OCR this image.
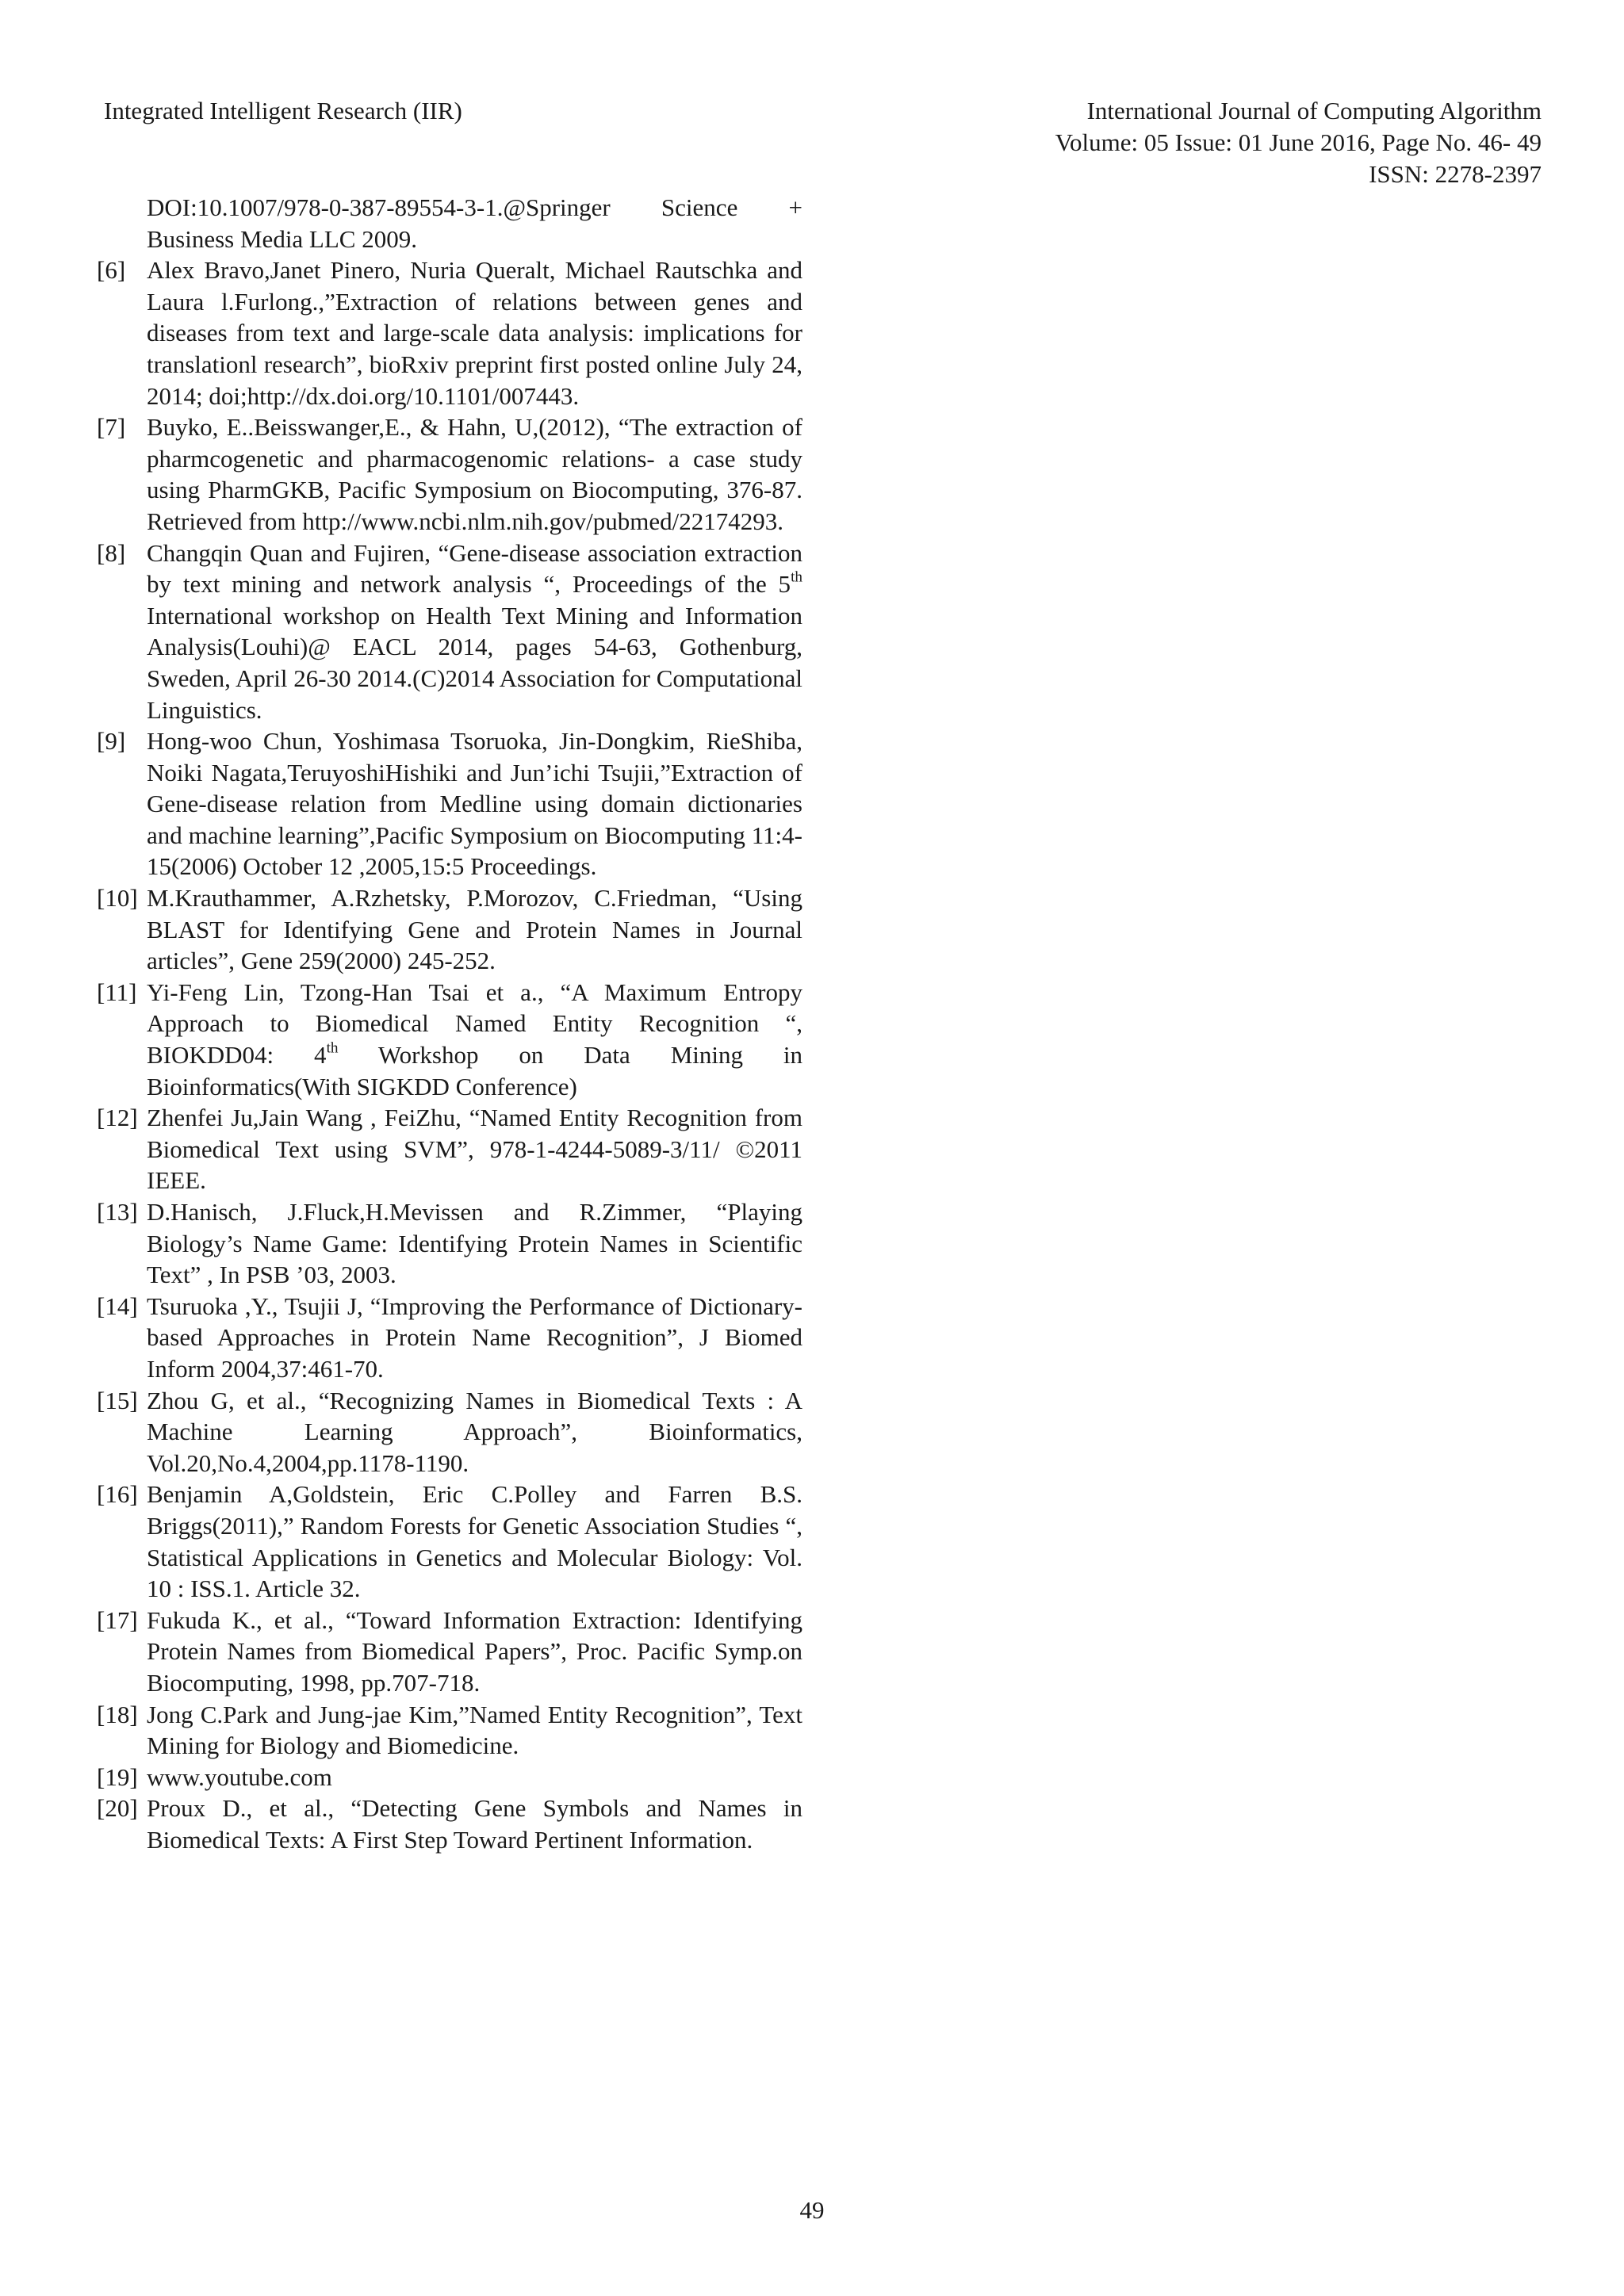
Integrated Intelligent Research (IIR)	International Journal of Computing Algorithm
Volume: 05 Issue: 01 June 2016, Page No. 46- 49
ISSN: 2278-2397
DOI:10.1007/978-0-387-89554-3-1.@Springer Science + Business Media LLC 2009.
[6] Alex Bravo,Janet Pinero, Nuria Queralt, Michael Rautschka and Laura l.Furlong.,”Extraction of relations between genes and diseases from text and large-scale data analysis: implications for translationl research”, bioRxiv preprint first posted online July 24, 2014; doi;http://dx.doi.org/10.1101/007443.
[7] Buyko, E..Beisswanger,E., & Hahn, U,(2012), “The extraction of pharmcogenetic and pharmacogenomic relations- a case study using PharmGKB, Pacific Symposium on Biocomputing, 376-87. Retrieved from http://www.ncbi.nlm.nih.gov/pubmed/22174293.
[8] Changqin Quan and Fujiren, “Gene-disease association extraction by text mining and network analysis “, Proceedings of the 5th International workshop on Health Text Mining and Information Analysis(Louhi)@ EACL 2014, pages 54-63, Gothenburg, Sweden, April 26-30 2014.(C)2014 Association for Computational Linguistics.
[9] Hong-woo Chun, Yoshimasa Tsoruoka, Jin-Dongkim, RieShiba, Noiki Nagata,TeruyoshiHishiki and Jun’ichi Tsujii,”Extraction of Gene-disease relation from Medline using domain dictionaries and machine learning”,Pacific Symposium on Biocomputing 11:4-15(2006) October 12 ,2005,15:5 Proceedings.
[10] M.Krauthammer, A.Rzhetsky, P.Morozov, C.Friedman, “Using BLAST for Identifying Gene and Protein Names in Journal articles”, Gene 259(2000) 245-252.
[11] Yi-Feng Lin, Tzong-Han Tsai et a., “A Maximum Entropy Approach to Biomedical Named Entity Recognition “, BIOKDD04: 4th Workshop on Data Mining in Bioinformatics(With SIGKDD Conference)
[12] Zhenfei Ju,Jain Wang , FeiZhu, “Named Entity Recognition from Biomedical Text using SVM”, 978-1-4244-5089-3/11/ ©2011 IEEE.
[13] D.Hanisch, J.Fluck,H.Mevissen and R.Zimmer, “Playing Biology’s Name Game: Identifying Protein Names in Scientific Text” , In PSB ’03, 2003.
[14] Tsuruoka ,Y., Tsujii J, “Improving the Performance of Dictionary-based Approaches in Protein Name Recognition”, J Biomed Inform 2004,37:461-70.
[15] Zhou G, et al., “Recognizing Names in Biomedical Texts : A Machine Learning Approach”, Bioinformatics, Vol.20,No.4,2004,pp.1178-1190.
[16] Benjamin A,Goldstein, Eric C.Polley and Farren B.S. Briggs(2011),” Random Forests for Genetic Association Studies “, Statistical Applications in Genetics and Molecular Biology: Vol. 10 : ISS.1. Article 32.
[17] Fukuda K., et al., “Toward Information Extraction: Identifying Protein Names from Biomedical Papers”, Proc. Pacific Symp.on Biocomputing, 1998, pp.707-718.
[18] Jong C.Park and Jung-jae Kim,”Named Entity Recognition”, Text Mining for Biology and Biomedicine.
[19] www.youtube.com
[20] Proux D., et al., “Detecting Gene Symbols and Names in Biomedical Texts: A First Step Toward Pertinent Information.
49
